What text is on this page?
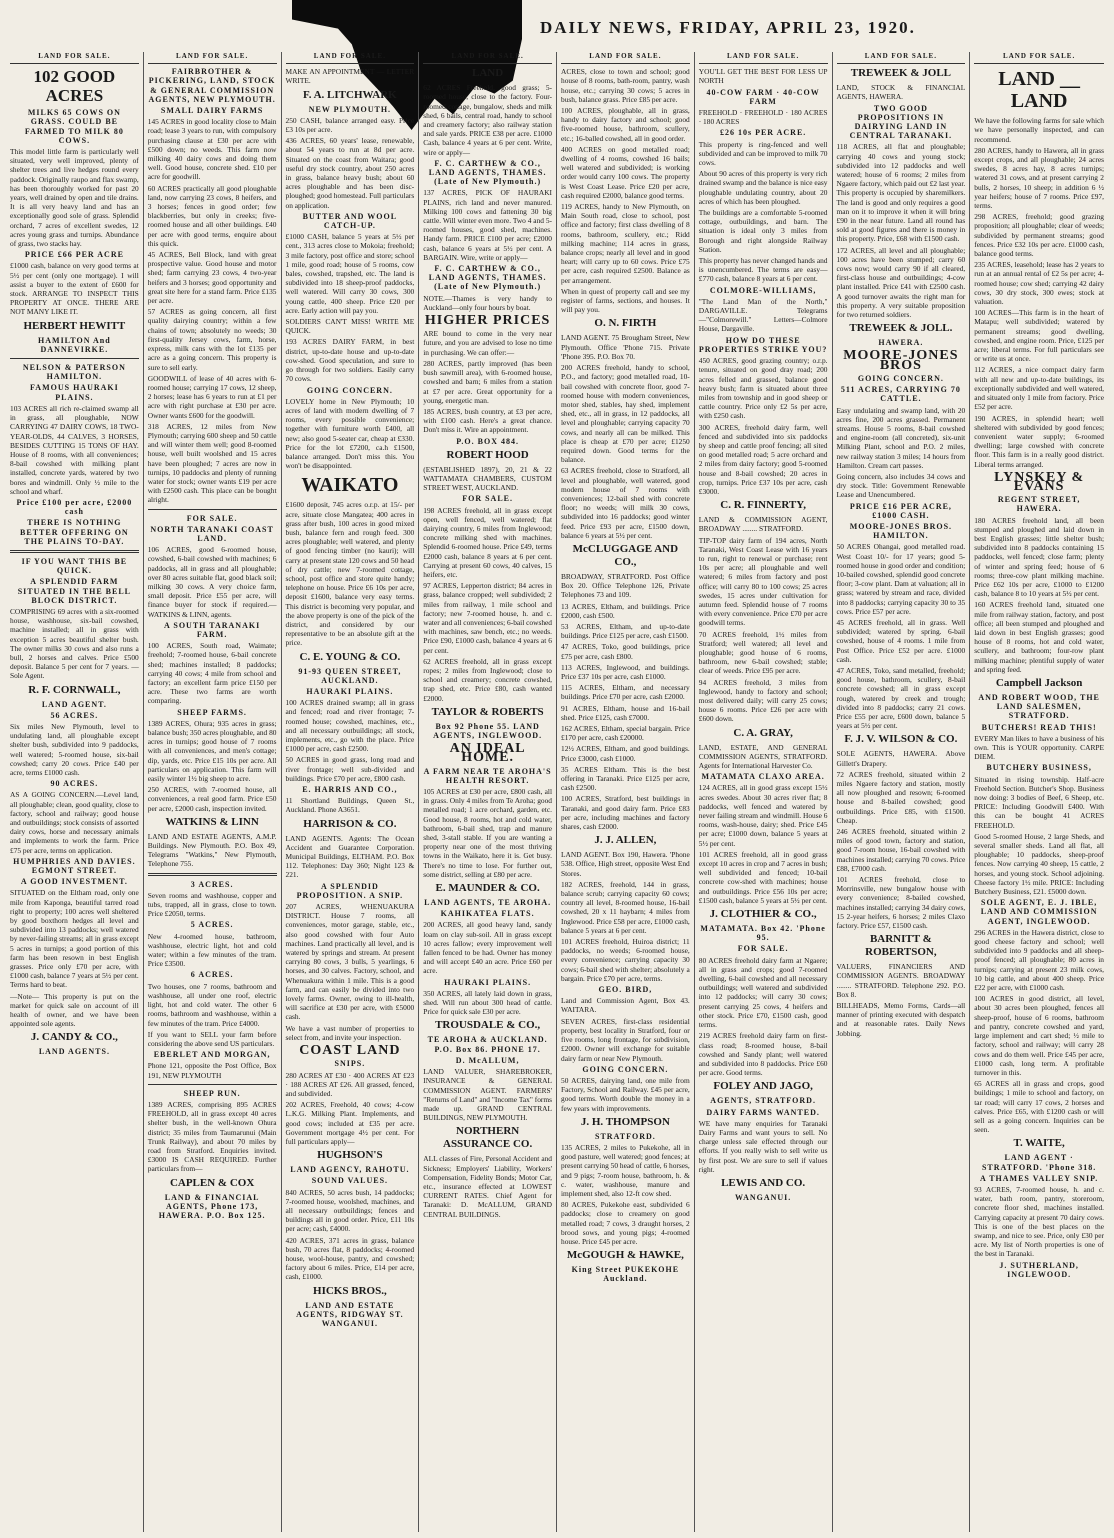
DAILY NEWS, FRIDAY, APRIL 23, 1920.
LAND FOR SALE.
102 GOOD ACRES
MILKS 65 COWS ON GRASS. COULD BE FARMED TO MILK 80 COWS.

This model little farm is particularly well situated, very well improved, plenty of shelter trees and live hedges round every paddock. Originally raupo and flax swamp, has been thoroughly worked for past 20 years, well drained by open and tile drains. It is all very heavy land and has an exceptionally good sole of grass. Splendid orchard, 7 acres of excellent swedes, 12 acres young grass and turnips. Abundance of grass, two stacks hay.

PRICE £66 PER ACRE

£1000 cash, balance on very good terms at 5½ per cent (only one mortgage). I will assist a buyer to the extent of £600 for stock. ARRANGE TO INSPECT THIS PROPERTY AT ONCE. THERE ARE NOT MANY LIKE IT.

HERBERT HEWITT
HAMILTON And DANNEVIRKE.
NELSON & PATERSON HAMILTON.
FAMOUS HAURAKI PLAINS.

103 ACRES all rich re-claimed swamp all in grass, all ploughable, NOW CARRYING 47 DAIRY COWS, 18 TWO-YEAR-OLDS, 44 CALVES, 3 HORSES, BESIDES CUTTING 15 TONS OF HAY. House of 8 rooms, with all conveniences; 8-bail cowshed with milking plant installed, concrete yards, watered by two bores and windmill. Only ½ mile to the school and wharf.

Price £100 per acre, £2000 cash
THERE IS NOTHING BETTER OFFERING ON THE PLAINS TO-DAY.
IF YOU WANT THIS BE QUICK.
A SPLENDID FARM SITUATED IN THE BELL BLOCK DISTRICT.

COMPRISING 69 acres with a six-roomed house, washhouse, six-bail cowshed, machine installed; all in grass with exception 5 acres beautiful shelter bush. The owner milks 30 cows and also runs a bull, 2 horses and calves. Price £500 deposit. Balance 5 per cent for 7 years. —Sole Agent.

R. F. CORNWALL,
LAND AGENT.
56 ACRES.

Six miles New Plymouth, level to undulating land, all ploughable except shelter bush, subdivided into 9 paddocks, well watered; 5-roomed house, six-bail cowshed; carry 20 cows. Price £40 per acre, terms £1000 cash.

90 ACRES.

AS A GOING CONCERN.—Level land, all ploughable; clean, good quality, close to factory, school and railway; good house and outbuildings; stock consists of assorted dairy cows, horse and necessary animals and implements to work the farm. Price £75 per acre, terms on application.

HUMPHRIES AND DAVIES. EGMONT STREET.
A GOOD INVESTMENT.

SITUATED on the Eltham road, only one mile from Kaponga, beautiful tarred road right to property; 100 acres well sheltered by good boxthorn hedges all level and subdivided into 13 paddocks; well watered by never-failing streams; all in grass except 5 acres in turnips; a good portion of this farm has been resown in best English grasses. Price only £70 per acre, with £1000 cash, balance 7 years at 5½ per cent. Terms hard to beat.

—Note— This property is put on the market for quick sale on account of ill health of owner, and we have been appointed sole agents.

J. CANDY & CO.,
LAND AGENTS.
LAND FOR SALE.
FAIRBROTHER & PICKERING, LAND, STOCK & GENERAL COMMISSION AGENTS, NEW PLYMOUTH.
SMALL DAIRY FARMS

145 ACRES in good locality close to Main road; lease 3 years to run, with compulsory purchasing clause at £30 per acre with £500 down; no weeds. This farm now milking 40 dairy cows and doing them well. Good house, concrete shed. £10 per acre for goodwill.

60 ACRES practically all good ploughable land, now carrying 23 cows, 8 heifers, and 3 horses; fences in good order; few blackberries, but only in creeks; five-roomed house and all other buildings. £40 per acre with good terms, enquire about this quick.

45 ACRES, Bell Block, land with great prospective value. Good house and motor shed; farm carrying 23 cows, 4 two-year heifers and 3 horses; good opportunity and great site here for a stand farm. Price £135 per acre.

57 ACRES as going concern, all first quality dairying country; within a few chains of town; absolutely no weeds; 30 first-quality Jersey cows, farm, horse, express, milk cans with the lot £135 per acre as a going concern. This property is sure to sell early.

GOODWILL of lease of 40 acres with 6-roomed house; carrying 17 cows, 12 sheep, 2 horses; lease has 6 years to run at £1 per acre with right purchase at £30 per acre. Owner wants £600 for the goodwill.

318 ACRES, 12 miles from New Plymouth; carrying 600 sheep and 50 cattle and will winter them well; good 8-roomed house, well built woolshed and 15 acres have been ploughed; 7 acres are now in turnips, 10 paddocks and plenty of running water for stock; owner wants £19 per acre with £2500 cash. This place can be bought alright.

FOR SALE.
NORTH TARANAKI COAST LAND.

106 ACRES, good 6-roomed house, cowshed, 6-bail cowshed with machines; 6 paddocks, all in grass and all ploughable; over 80 acres suitable flat, good black soil; milking 30 cows. A very choice farm, small deposit. Price £55 per acre, will finance buyer for stock if required.—WATKINS & LINN, agents.

A SOUTH TARANAKI FARM.

100 ACRES, South road, Waimate; freehold; 7-roomed house, 6-bail concrete shed; machines installed; 8 paddocks; carrying 40 cows; 4 mile from school and factory; an excellent farm price £150 per acre. These two farms are worth comparing.

SHEEP FARMS.

1389 ACRES, Ohura; 935 acres in grass; balance bush; 350 acres ploughable, and 80 acres in turnips; good house of 7 rooms with all conveniences, and men's cottage; dip, yards, etc. Price £15 10s per acre. All particulars on application. This farm will easily winter 1½ big sheep to acre.

250 ACRES, with 7-roomed house, all conveniences, a real good farm. Price £50 per acre, £2000 cash, inspection invited.

WATKINS & LINN

LAND AND ESTATE AGENTS, A.M.P. Buildings. New Plymouth. P.O. Box 49, Telegrams "Watkins," New Plymouth, Telephone 755.

3 ACRES.

Seven rooms and washhouse, copper and tubs, trapped, all in grass, close to town. Price £2050, terms.

5 ACRES.

New 4-roomed house, bathroom, washhouse, electric light, hot and cold water; within a few minutes of the tram. Price £3500.

6 ACRES.

Two houses, one 7 rooms, bathroom and washhouse, all under one roof, electric light, hot and cold water. The other 6 rooms, bathroom and washhouse, within a few minutes of the tram. Price £4000.

If you want to SELL your farm before considering the above send US particulars.

EBERLET AND MORGAN,

Phone 121, opposite the Post Office, Box 191, NEW PLYMOUTH

SHEEP RUN.

1389 ACRES, comprising 895 ACRES FREEHOLD, all in grass except 40 acres shelter bush, in the well-known Ohura district; 35 miles from Taumarunui (Main Trunk Railway), and about 70 miles by road from Stratford. Enquiries invited. £3000 IS CASH REQUIRED. Further particulars from—

CAPLEN & COX
LAND & FINANCIAL AGENTS, Phone 173, HAWERA. P.O. Box 125.
LAND FOR SALE.

MAKE AN APPOINTMENT — LETTER WRITE.

F. A. LITCHWARK
NEW PLYMOUTH.

250 CASH, balance arranged easy. Price £3 10s per acre.

436 ACRES, 60 years' lease, renewable, about 54 years to run at 8d per acre. Situated on the coast from Waitara; good useful dry stock country, about 250 acres in grass, balance heavy bush; about 60 acres ploughable and has been disc-ploughed; good homestead. Full particulars on application.

BUTTER AND WOOL CATCH-UP.

£1000 CASH, balance 5 years at 5½ per cent., 313 acres close to Mokoia; freehold; 3 mile factory, post office and store; school 1 mile, good road; house of 5 rooms, cow bales, cowshed, trapshed, etc. The land is subdivided into 18 sheep-proof paddocks, well watered. Will carry 30 cows, 300 young cattle, 400 sheep. Price £20 per acre. Early action will pay you.

SOLDIERS CAN'T MISS! WRITE ME QUICK.

193 ACRES DAIRY FARM, in best district, up-to-date house and up-to-date cow-shed. Good speculation, and sure to go through for two soldiers. Easily carry 70 cows.

GOING CONCERN.

LOVELY home in New Plymouth; 10 acres of land with modern dwelling of 7 rooms, every possible convenience; together with furniture worth £400, all new; also good 5-seater car, cheap at £330. Price for the lot £7200, ca.h £1500, balance arranged. Don't miss this. You won't be disappointed.

WAIKATO

£1600 deposit, 745 acres o.r.p. at 15/- per acre, situate close Mangatea; 400 acres in grass after bush, 100 acres in good mixed bush, balance fern and rough feed. 300 acres ploughable; well watered, and plenty of good fencing timber (no kauri); will carry at present state 120 cows and 50 head of dry cattle; new 7-roomed cottage, school, post office and store quite handy; telephone on house. Price £6 10s per acre, deposit £1600, balance very easy terms. This district is becoming very popular, and the above property is one of the pick of the district, and considered by our representative to be an absolute gift at the price.

C. E. YOUNG & CO.
91-93 QUEEN STREET, AUCKLAND.
HAURAKI PLAINS.

100 ACRES drained swamp; all in grass and fenced; road and river frontage; 7-roomed house; cowshed, machines, etc., and all necessary outbuildings; all stock, implements, etc., go with the place. Price £1000 per acre, cash £2500.

50 ACRES in good grass, long road and river frontage; well sub-divided and buildings. Price £70 per acre, £800 cash.

E. HARRIS AND CO.,

11 Shortland Buildings, Queen St., Auckland. Phone A3651.

HARRISON & CO.

LAND AGENTS. Agents: The Ocean Accident and Guarantee Corporation. Municipal Buildings, ELTHAM. P.O. Box 112. Telephones: Day 360; Night 123 & 221.

A SPLENDID PROPOSITION. A SNIP.

207 ACRES, WHENUAKURA DISTRICT. House 7 rooms, all conveniences, motor garage, stable, etc., also good cowshed with four Auto machines. Land practically all level, and is watered by springs and stream. At present carrying 80 cows, 3 bulls, 5 yearlings, 6 horses, and 30 calves. Factory, school, and Whenuakura within 1 mile. This is a good farm, and can easily be divided into two lovely farms. Owner, owing to ill-health, will sacrifice at £30 per acre, with £5000 cash.

We have a vast number of properties to select from, and invite your inspection.

COAST LAND
SNIPS.

280 ACRES AT £30 · 400 ACRES AT £23 · 188 ACRES AT £26. All grassed, fenced, and subdivided.

202 ACRES, Freehold, 40 cows; 4-cow L.K.G. Milking Plant. Implements, and good cows; included at £35 per acre. Government mortgage 4½ per cent. For full particulars apply—

HUGHSON'S
LAND AGENCY, RAHOTU.
SOUND VALUES.

840 ACRES, 50 acres bush, 14 paddocks; 7-roomed house, woolshed, machines, and all necessary outbuildings; fences and buildings all in good order. Price, £11 10s per acre; cash, £4000.

420 ACRES, 371 acres in grass, balance bush, 70 acres flat, 8 paddocks; 4-roomed house, wool-house, pantry, and cowshed; factory about 6 miles. Price, £14 per acre, cash, £1000.

HICKS BROS.,
LAND AND ESTATE AGENTS, RIDGWAY ST. WANGANUI.
LAND FOR SALE.
LAND

62 ACRES Freehold, good grass; 5-roomed house; close to the factory. Four-roomed cottage, bungalow, sheds and milk shed, 6 bails, central road, handy to school and creamery factory; also railway station and sale yards. PRICE £38 per acre. £1000 Cash, balance 4 years at 6 per cent. Write, wire or apply—

F. C. CARTHEW & CO., LAND AGENTS, THAMES. (Late of New Plymouth.)

137 ACRES, PICK OF HAURAKI PLAINS, rich land and never manured. Milking 100 cows and fattening 30 big cattle. Will winter even more. Two 4 and 5-roomed houses, good shed, machines. Handy farm. PRICE £100 per acre; £2000 cash, balance 6 years at 5½ per cent. A BARGAIN. Wire, write or apply—

F. C. CARTHEW & CO., LAND AGENTS, THAMES. (Late of New Plymouth.)

NOTE.—Thames is very handy to Auckland—only four hours by boat.

HIGHER PRICES

ARE bound to come in the very near future, and you are advised to lose no time in purchasing. We can offer:—

280 ACRES, partly improved (has been bush sawmill area), with 6-roomed house, cowshed and barn; 6 miles from a station at £7 per acre. Great opportunity for a young, energetic man.

185 ACRES, bush country, at £3 per acre, with £100 cash. Here's a great chance. Don't miss it. Wire an appointment.

P.O. BOX 484.
ROBERT HOOD

(ESTABLISHED 1897), 20, 21 & 22 WATTAMATA CHAMBERS, CUSTOM STREET WEST, AUCKLAND.

FOR SALE.

198 ACRES freehold, all in grass except open, well fenced, well watered; flat dairying country, 6 miles from Inglewood; concrete milking shed with machines. Splendid 6-roomed house. Price £49, terms £2000 cash, balance 8 years at 6 per cent. Carrying at present 60 cows, 40 calves, 15 heifers, etc.

97 ACRES, Lepperton district; 84 acres in grass, balance cropped; well subdivided; 2 miles from railway, 1 mile school and factory; new 7-roomed house, h. and c. water and all conveniences; 6-bail cowshed with machines, saw bench, etc.; no weeds. Price £90, £1000 cash, balance 4 years at 6 per cent.

62 ACRES freehold, all in grass except ropes; 2 miles from Inglewood; close to school and creamery; concrete cowshed, trap shed, etc. Price £80, cash wanted £2000.

TAYLOR & ROBERTS
Box 92 Phone 55. LAND AGENTS, INGLEWOOD.
AN IDEAL HOME.
A FARM NEAR TE AROHA'S HEALTH RESORT.

105 ACRES at £30 per acre, £800 cash, all in grass. Only 4 miles from Te Aroha; good metalled road; 1 acre orchard, garden, etc. Good house, 8 rooms, hot and cold water, bathroom, 6-bail shed, trap and manure shed, 3-stall stable. If you are wanting a property near one of the most thriving towns in the Waikato, here it is. Get busy. There's no time to lose. For further out, some district, selling at £80 per acre.

E. MAUNDER & CO.
LAND AGENTS, TE AROHA.
KAHIKATEA FLATS.

200 ACRES, all good heavy land, sandy loam on clay sub-soil. All in grass except 10 acres fallow; every improvement well fallen fenced to be had. Owner has money and will accept £40 an acre. Price £60 per acre.

HAURAKI PLAINS.

350 ACRES, all lately laid down in grass, shed. Will run about 300 head of cattle. Price for quick sale £30 per acre.

TROUSDALE & CO.,
TE AROHA & AUCKLAND. P.O. Box 86. PHONE 17.
D. McALLUM,

LAND VALUER, SHAREBROKER, INSURANCE & GENERAL COMMISSION AGENT. FARMERS' "Returns of Land" and "Income Tax" forms made up. GRAND CENTRAL BUILDINGS, NEW PLYMOUTH.

NORTHERN ASSURANCE CO.

ALL classes of Fire, Personal Accident and Sickness; Employers' Liability, Workers' Compensation, Fidelity Bonds; Motor Car, etc., insurance effected at LOWEST CURRENT RATES. Chief Agent for Taranaki: D. McALLUM, GRAND CENTRAL BUILDINGS.

LAND FOR SALE.

ACRES, close to town and school; good house of 8 rooms, bath-room, pantry, wash house, etc.; carrying 30 cows; 5 acres in bush, balance grass. Price £85 per acre.

100 ACRES, ploughable, all in grass, handy to dairy factory and school; good five-roomed house, bathroom, scullery, etc.; 16-balled cowshed, all in good order.

400 ACRES on good metalled road; dwelling of 4 rooms, cowshed 16 bails; well watered and subdivided; is working order would carry 100 cows. The property is West Coast Lease. Price £20 per acre, cash required £2000, balance good terms.

119 ACRES, handy to New Plymouth, on Main South road, close to school, post office and factory; first class dwelling of 8 rooms, bathroom, scullery, etc.; Ridd milking machine; 114 acres in grass, balance crops; nearly all level and in good heart; will carry up to 60 cows. Price £75 per acre, cash required £2500. Balance as per arrangement.

When in quest of property call and see my register of farms, sections, and houses. It will pay you.

O. N. FIRTH

LAND AGENT. 75 Brougham Street, New Plymouth. Office 'Phone 715. Private 'Phone 395. P.O. Box 70.

200 ACRES freehold, handy to school, P.O., and factory; good metalled road, 10-bail cowshed with concrete floor, good 7-roomed house with modern conveniences, motor shed, stables, hay shed, implement shed, etc., all in grass, in 12 paddocks, all level and ploughable; carrying capacity 70 cows, and nearly all can be milked. This place is cheap at £70 per acre; £1250 required down. Good terms for the balance.

63 ACRES freehold, close to Stratford, all level and ploughable, well watered, good modern house of 7 rooms with conveniences; 12-bail shed with concrete floor; no weeds; will milk 30 cows, subdivided into 16 paddocks; good winter feed. Price £93 per acre, £1500 down, balance 6 years at 5½ per cent.

McCLUGGAGE AND CO.,

BROADWAY, STRATFORD. Post Office Box 20. Office Telephone 126, Private Telephones 73 and 109.

13 ACRES, Eltham, and buildings. Price £2000, cash £500.

53 ACRES, Eltham, and up-to-date buildings. Price £125 per acre, cash £1500.

47 ACRES, Toko, good buildings, price £75 per acre, cash £800.

113 ACRES, Inglewood, and buildings. Price £37 10s per acre, cash £1000.

115 ACRES, Eltham, and necessary buildings. Price £70 per acre, cash £2000.

91 ACRES, Eltham, house and 16-bail shed. Price £125, cash £7000.

162 ACRES, Eltham, special bargain. Price £170 per acre, cash £20000.

12½ ACRES, Eltham, and good buildings. Price £3000, cash £1000.

35 ACRES Eltham. This is the best offering in Taranaki. Price £125 per acre, cash £2500.

100 ACRES, Stratford, best buildings in Taranaki, and good dairy farm. Price £83 per acre, including machines and factory shares, cash £2000.

J. J. ALLEN,

LAND AGENT. Box 190, Hawera. 'Phone 538. Office, High street, opposite West End Stores.

182 ACRES, freehold, 144 in grass, balance scrub; carrying capacity 60 cows; country all level, 8-roomed house, 16-bail cowshed, 20 x 11 haybarn; 4 miles from Inglewood. Price £58 per acre, £1000 cash, balance 5 years at 6 per cent.

101 ACRES freehold, Huiroa district; 11 paddocks, no weeds; 6-roomed house, every convenience; carrying capacity 30 cows; 6-bail shed with shelter; absolutely a bargain. Price £70 per acre, terms.

GEO. BIRD,

Land and Commission Agent, Box 43. WAITARA.

SEVEN ACRES, first-class residential property, best locality in Stratford, four or five rooms, long frontage, for subdivision, £2000. Owner will exchange for suitable dairy farm or near New Plymouth.

GOING CONCERN.

50 ACRES, dairying land, one mile from Factory, School and Railway. £45 per acre, good terms. Worth double the money in a few years with improvements.

J. H. THOMPSON
STRATFORD.

135 ACRES, 2 miles to Pukekohe, all in good pasture, well watered; good fences; at present carrying 50 head of cattle, 6 horses, and 9 pigs; 7-room house, bathroom, h. & c. water, washhouse, manure and implement shed, also 12-ft cow shed.

80 ACRES, Pukekohe east, subdivided 6 paddocks; close to creamery on good metalled road; 7 cows, 3 draught horses, 2 brood sows, and young pigs; 4-roomed house. Price £45 per acre.

McGOUGH & HAWKE,
King Street PUKEKOHE Auckland.
LAND FOR SALE.

YOU'LL GET THE BEST FOR LESS UP NORTH

40-COW FARM · 40-COW FARM

FREEHOLD · FREEHOLD · 180 ACRES · 180 ACRES

£26 10s PER ACRE.

This property is ring-fenced and well subdivided and can be improved to milk 70 cows.

About 90 acres of this property is very rich drained swamp and the balance is nice easy ploughable undulating country, about 20 acres of which has been ploughed.

The buildings are a comfortable 5-roomed cottage, outbuildings, and barn. The situation is ideal only 3 miles from Borough and right alongside Railway Station.

This property has never changed hands and is unencumbered. The terms are easy—£770 cash, balance 8 years at 6 per cent.

COLMORE-WILLIAMS,

"The Land Man of the North," DARGAVILLE. Telegrams—"Colmorewill." Letters—Colmore House, Dargaville.

HOW DO THESE PROPERTIES STRIKE YOU?

450 ACRES, good grazing country; o.r.p. tenure, situated on good dray road; 200 acres felled and grassed, balance good heavy bush; farm is situated about three miles from township and in good sheep or cattle country. Price only £2 5s per acre, with £250 cash.

300 ACRES, freehold dairy farm, well fenced and subdivided into six paddocks by sheep and cattle proof fencing; all sited on good metalled road; 5 acre orchard and 2 miles from dairy factory; good 5-roomed house and 8-bail cowshed; 20 acres in crop, turnips. Price £37 10s per acre, cash £3000.

C. R. FINNERTY,

LAND & COMMISSION AGENT, BROADWAY ........ STRATFORD.

TIP-TOP dairy farm of 194 acres, North Taranaki, West Coast Lease with 16 years to run, right to renewal or purchase; rent 10s per acre; all ploughable and well watered; 6 miles from factory and post office; will carry 80 to 100 cows; 25 acres swedes, 15 acres under cultivation for autumn feed. Splendid house of 7 rooms with every convenience. Price £70 per acre goodwill terms.

70 ACRES freehold, 1½ miles from Stratford; well watered; all level and ploughable; good house of 6 rooms, bathroom, new 6-bail cowshed; stable; clear of weeds. Price £95 per acre.

94 ACRES freehold, 3 miles from Inglewood, handy to factory and school; most delivered daily; will carry 25 cows; house 6 rooms. Price £26 per acre with £600 down.

C. A. GRAY,

LAND, ESTATE, AND GENERAL COMMISSION AGENTS, STRATFORD. Agents for International Harvester Co.

MATAMATA CLAXO AREA.

124 ACRES, all in good grass except 15½ acres swedes. About 30 acres river flat; 8 paddocks, well fenced and watered by never failing stream and windmill. House 6 rooms, wash-house, dairy; shed. Price £45 per acre; £1000 down, balance 5 years at 5½ per cent.

101 ACRES freehold, all in good grass except 10 acres in crop and 7 acres in bush; well subdivided and fenced; 10-bail concrete cow-shed with machines; house and outbuildings. Price £56 10s per acre; £1500 cash, balance 5 years at 5½ per cent.

J. CLOTHIER & CO.,
MATAMATA. Box 42. 'Phone 95.
FOR SALE.

80 ACRES freehold dairy farm at Ngaere; all in grass and crops; good 7-roomed dwelling, 6-bail cowshed and all necessary outbuildings; well watered and subdivided into 12 paddocks; will carry 30 cows; present carrying 25 cows, 4 heifers and other stock. Price £70, £1500 cash, good terms.

219 ACRES freehold dairy farm on first-class road; 8-roomed house, 8-bail cowshed and Sandy plant; well watered and subdivided into 8 paddocks. Price £60 per acre. Good terms.

FOLEY AND JAGO,
AGENTS, STRATFORD.
DAIRY FARMS WANTED.

WE have many enquiries for Taranaki Dairy Farms and want yours to sell. No charge unless sale effected through our efforts. If you really wish to sell write us by first post. We are sure to sell if values right.

LEWIS AND CO.
WANGANUI.
LAND FOR SALE.
TREWEEK & JOLL

LAND, STOCK & FINANCIAL AGENTS, HAWERA.

TWO GOOD PROPOSITIONS IN DAIRYING LAND IN CENTRAL TARANAKI.

118 ACRES, all flat and ploughable; carrying 40 cows and young stock; subdivided into 12 paddocks and well watered; house of 6 rooms; 2 miles from Ngaere factory, which paid out £2 last year. This property is occupied by sharemilkers. The land is good and only requires a good man on it to improve it when it will bring £90 in the near future. Land all round has sold at good figures and there is money in this property. Price, £68 with £1500 cash.

172 ACRES, all level and all ploughable; 100 acres have been stumped; carry 60 cows now; would carry 90 if all cleared, first-class house and outbuildings; 4-cow plant installed. Price £41 with £2500 cash. A good turnover awaits the right man for this property. A very suitable proposition for two returned soldiers.

TREWEEK & JOLL.
HAWERA.
MOORE-JONES BROS
GOING CONCERN.
511 ACRES, CARRYING 70 CATTLE.

Easy undulating and swamp land, with 20 acres fine, 200 acres grassed. Permanent streams. House 5 rooms, 8-bail cowshed and engine-room (all concreted), six-unit Milking Plant, school and P.O. 2 miles, new railway station 3 miles; 14 hours from Hamilton. Cream cart passes.

Going concern, also includes 34 cows and dry stock. Title: Government Renewable Lease and Unencumbered.

PRICE £16 PER ACRE, £1000 CASH.
MOORE-JONES BROS. HAMILTON.

50 ACRES Ohangai, good metalled road. West Coast 10/- for 17 years; good 5-roomed house in good order and condition; 10-bailed cowshed, splendid good concrete floor; 3-cow plant. Dam at valuation; all in grass; watered by stream and race, divided into 8 paddocks; carrying capacity 30 to 35 cows. Price £57 per acre.

45 ACRES freehold, all in grass. Well subdivided; watered by spring. 6-bail cowshed, house of 4 rooms. 1 mile from Post Office. Price £52 per acre. £1000 cash.

47 ACRES, Toko, sand metalled, freehold; good house, bathroom, scullery, 8-bail concrete cowshed; all in grass except rough, watered by creek and trough; divided into 8 paddocks; carry 21 cows. Price £55 per acre, £600 down, balance 5 years at 5½ per cent.

F. J. V. WILSON & CO.

SOLE AGENTS, HAWERA. Above Gillett's Drapery.

72 ACRES freehold, situated within 2 miles Ngaere factory and station, mostly all now ploughed and resown; 6-roomed house and 8-bailed cowshed; good outbuildings. Price £85, with £1500. Cheap.

246 ACRES freehold, situated within 2 miles of good town, factory and station, good 7-room house, 16-bail cowshed with machines installed; carrying 70 cows. Price £88, £7000 cash.

101 ACRES freehold, close to Morrinsville, new bungalow house with every convenience; 8-bailed cowshed, machines installed; carrying 34 dairy cows, 15 2-year heifers, 6 horses; 2 miles Claxo factory. Price £57, £1500 cash.

BARNITT & ROBERTSON,

VALUERS, FINANCIERS AND COMMISSION AGENTS. BROADWAY ........ STRATFORD. Telephone 292. P.O. Box 8.

BILLHEADS, Memo Forms, Cards—all manner of printing executed with despatch and at reasonable rates. Daily News Jobbing.

LAND FOR SALE.
LAND __ LAND

We have the following farms for sale which we have personally inspected, and can recommend.

280 ACRES, handy to Hawera, all in grass except crops, and all ploughable; 24 acres swedes, 8 acres hay, 8 acres turnips; watered 31 cows, and at present carrying 2 bulls, 2 horses, 10 sheep; in addition 6 ½ year heifers; house of 7 rooms. Price £97, terms.

298 ACRES, freehold; good grazing proposition; all ploughable; clear of weeds; subdivided by permanent streams; good fences. Price £32 10s per acre. £1000 cash, balance good terms.

235 ACRES, leasehold; lease has 2 years to run at an annual rental of £2 5s per acre; 4-roomed house; cow shed; carrying 42 dairy cows, 30 dry stock, 300 ewes; stock at valuation.

100 ACRES—This farm is in the heart of Matapu; well subdivided; watered by permanent streams; good dwelling, cowshed, and engine room. Price, £125 per acre; liberal terms. For full particulars see or write us at once.

112 ACRES, a nice compact dairy farm with all new and up-to-date buildings, its exceptionally subdivided and well watered, and situated only 1 mile from factory. Price £52 per acre.

190 ACRES, in splendid heart; well sheltered with subdivided by good fences; convenient water supply; 6-roomed dwelling; large cowshed with concrete floor. This farm is in a really good district. Liberal terms arranged.

LYNSKEY & EVANS
REGENT STREET, HAWERA.

180 ACRES freehold land, all been stumped and ploughed and laid down in best English grasses; little shelter bush; subdivided into 8 paddocks containing 15 paddocks, well fenced; close farm; plenty of winter and spring feed; house of 6 rooms; three-cow plant milking machine. Price £62 10s per acre, £1000 to £1200 cash, balance 8 to 10 years at 5½ per cent.

160 ACRES freehold land, situated one mile from railway station, factory, and post office; all been stumped and ploughed and laid down in best English grasses; good house of 8 rooms, hot and cold water, scullery, and bathroom; four-row plant milking machine; plentiful supply of water and spring feed.

Campbell Jackson
AND ROBERT WOOD, THE LAND SALESMEN, STRATFORD.
BUTCHERS! READ THIS!

EVERY Man likes to have a business of his own. This is YOUR opportunity. CARPE DIEM.

BUTCHERY BUSINESS,

Situated in rising township. Half-acre Freehold Section. Butcher's Shop. Business now doing: 3 bodies of Beef, 6 Sheep, etc. PRICE: Including Goodwill £400. With this can be bought 41 ACRES FREEHOLD.

Good 5-roomed House, 2 large Sheds, and several smaller sheds. Land all flat, all ploughable; 10 paddocks, sheep-proof fences. Now carrying 40 sheep, 15 cattle, 2 horses, and young stock. School adjoining. Cheese factory 1½ mile. PRICE: Including Butchery Business, £21. £5000 down.

SOLE AGENT, E. J. IBLE, LAND AND COMMISSION AGENT, INGLEWOOD.

296 ACRES in the Hawera district, close to good cheese factory and school; well subdivided into 9 paddocks and all sheep-proof fenced; all ploughable; 80 acres in turnips; carrying at present 23 milk cows, 10 big cattle, and about 400 sheep. Price £22 per acre, with £1000 cash.

100 ACRES in good district, all level, about 30 acres been ploughed, fences all sheep-proof, house of 6 rooms, bathroom and pantry, concrete cowshed and yard, large implement and cart shed; ½ mile to factory, school and railway; will carry 28 cows and do them well. Price £45 per acre, £1000 cash, long term. A profitable turnover in this.

65 ACRES all in grass and crops, good buildings; 1 mile to school and factory, on tar road; will carry 17 cows, 2 horses and calves. Price £65, with £1200 cash or will sell as a going concern. Inquiries can be seen.

T. WAITE,
LAND AGENT · STRATFORD. 'Phone 318.
A THAMES VALLEY SNIP.

93 ACRES, 7-roomed house, h. and c. water, bath room, pantry, storeroom, concrete floor shed, machines installed. Carrying capacity at present 70 dairy cows. This is one of the best places on the swamp, and nice to see. Price, only £30 per acre. My list of North properties is one of the best in Taranaki.

J. SUTHERLAND, INGLEWOOD.
